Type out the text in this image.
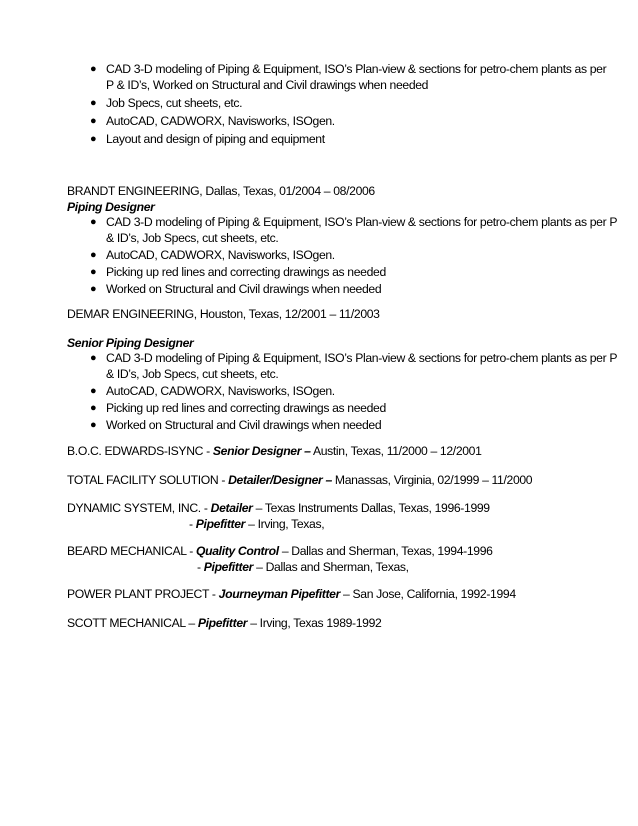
● CAD 3-D modeling of Piping & Equipment, ISO’s Plan-view & sections for petro-chem plants as per
P & ID’s, Worked on Structural and Civil drawings when needed
● Job Specs, cut sheets, etc.
● AutoCAD, CADWORX, Navisworks, ISOgen.
● Layout and design of piping and equipment
BRANDT ENGINEERING, Dallas, Texas, 01/2004 – 08/2006
Piping Designer
● CAD 3-D modeling of Piping & Equipment, ISO’s Plan-view & sections for petro-chem plants as per P
& ID’s, Job Specs, cut sheets, etc.
● AutoCAD, CADWORX, Navisworks, ISOgen.
● Picking up red lines and correcting drawings as needed
● Worked on Structural and Civil drawings when needed
DEMAR ENGINEERING, Houston, Texas, 12/2001 – 11/2003
Senior Piping Designer
● CAD 3-D modeling of Piping & Equipment, ISO’s Plan-view & sections for petro-chem plants as per P
& ID’s, Job Specs, cut sheets, etc.
● AutoCAD, CADWORX, Navisworks, ISOgen.
● Picking up red lines and correcting drawings as needed
● Worked on Structural and Civil drawings when needed
B.O.C. EDWARDS-ISYNC - Senior Designer – Austin, Texas, 11/2000 – 12/2001
TOTAL FACILITY SOLUTION - Detailer/Designer – Manassas, Virginia, 02/1999 – 11/2000
DYNAMIC SYSTEM, INC. - Detailer – Texas Instruments Dallas, Texas, 1996-1999
- Pipefitter – Irving, Texas,
BEARD MECHANICAL - Quality Control – Dallas and Sherman, Texas, 1994-1996
- Pipefitter – Dallas and Sherman, Texas,
POWER PLANT PROJECT - Journeyman Pipefitter – San Jose, California, 1992-1994
SCOTT MECHANICAL – Pipefitter – Irving, Texas 1989-1992
